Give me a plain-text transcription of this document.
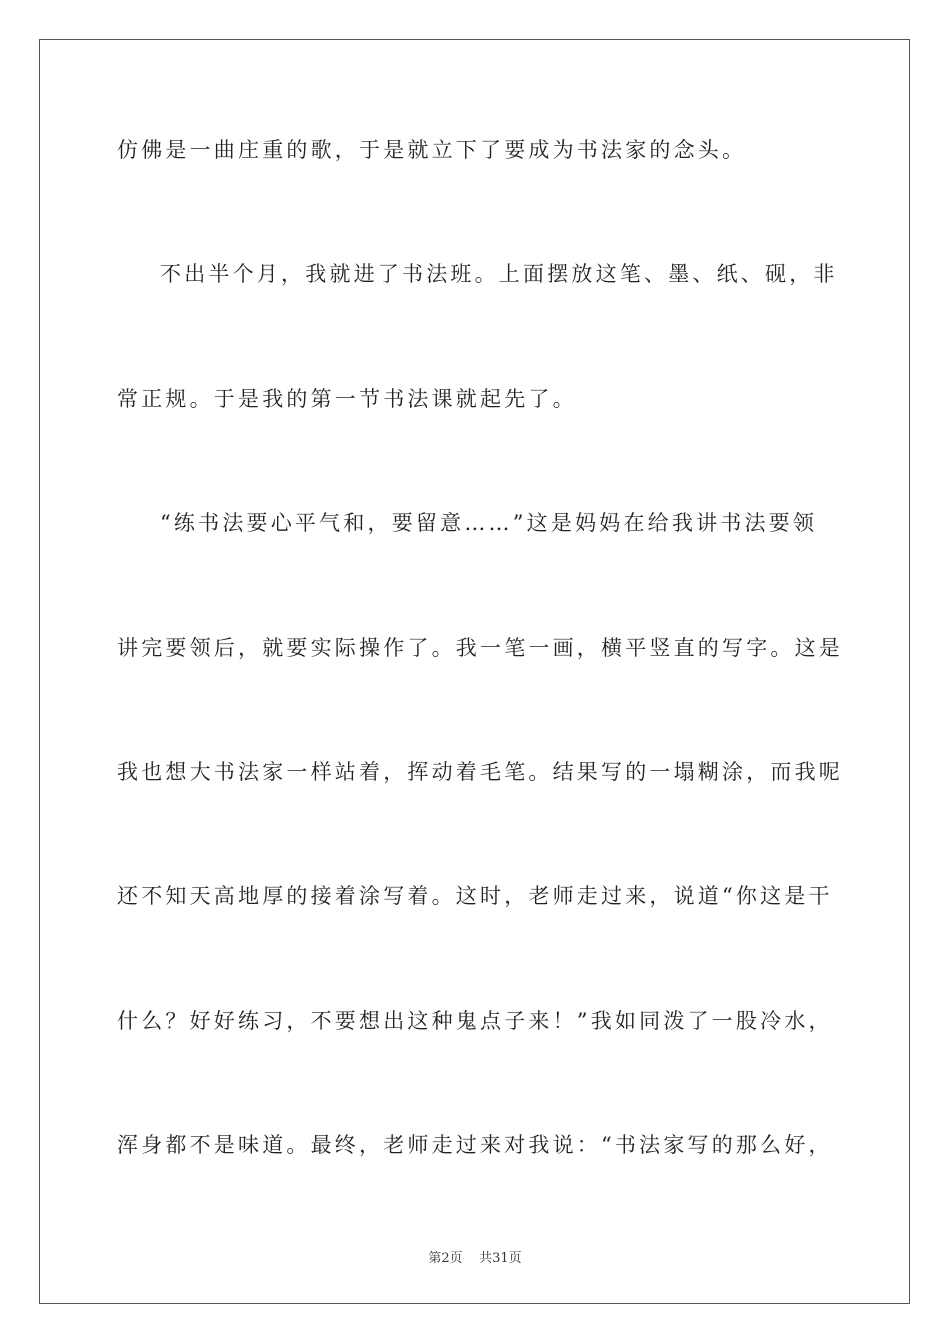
仿佛是一曲庄重的歌，于是就立下了要成为书法家的念头。
不出半个月，我就进了书法班。上面摆放这笔、墨、纸、砚，非
常正规。于是我的第一节书法课就起先了。
“练书法要心平气和，要留意……”这是妈妈在给我讲书法要领
讲完要领后，就要实际操作了。我一笔一画，横平竖直的写字。这是
我也想大书法家一样站着，挥动着毛笔。结果写的一塌糊涂，而我呢
还不知天高地厚的接着涂写着。这时，老师走过来，说道“你这是干
什么？好好练习，不要想出这种鬼点子来！”我如同泼了一股冷水，
浑身都不是味道。最终，老师走过来对我说：“书法家写的那么好，
第2页 共31页
